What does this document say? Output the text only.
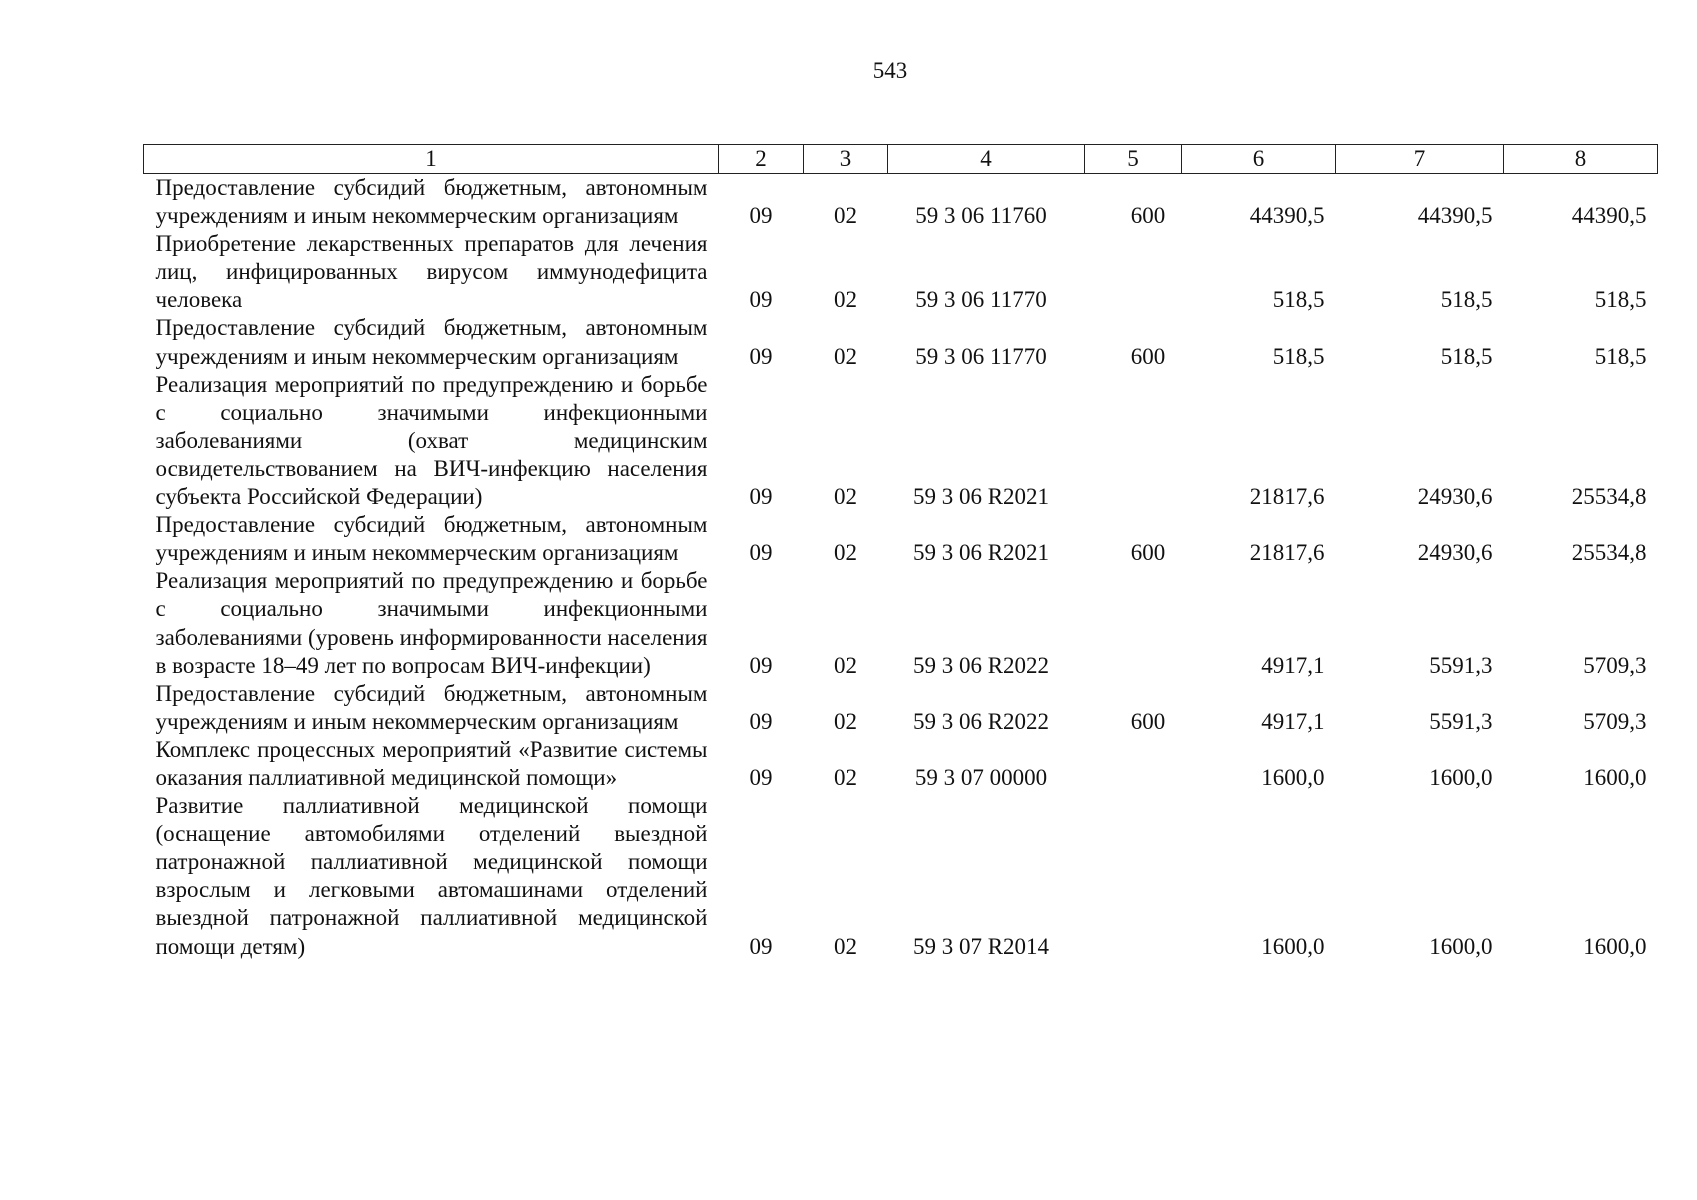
543
1	2	3	4	5	6	7	8
Предоставление субсидий бюджетным, автономным учреждениям и иным некоммерческим организациям	09	02	59 3 06 11760	600	44390,5	44390,5	44390,5
Приобретение лекарственных препаратов для лечения лиц, инфицированных вирусом иммунодефицита человека	09	02	59 3 06 11770		518,5	518,5	518,5
Предоставление субсидий бюджетным, автономным учреждениям и иным некоммерческим организациям	09	02	59 3 06 11770	600	518,5	518,5	518,5
Реализация мероприятий по предупреждению и борьбе с социально значимыми инфекционными заболеваниями (охват медицинским освидетельствованием на ВИЧ-инфекцию населения субъекта Российской Федерации)	09	02	59 3 06 R2021		21817,6	24930,6	25534,8
Предоставление субсидий бюджетным, автономным учреждениям и иным некоммерческим организациям	09	02	59 3 06 R2021	600	21817,6	24930,6	25534,8
Реализация мероприятий по предупреждению и борьбе с социально значимыми инфекционными заболеваниями (уровень информированности населения в возрасте 18–49 лет по вопросам ВИЧ-инфекции)	09	02	59 3 06 R2022		4917,1	5591,3	5709,3
Предоставление субсидий бюджетным, автономным учреждениям и иным некоммерческим организациям	09	02	59 3 06 R2022	600	4917,1	5591,3	5709,3
Комплекс процессных мероприятий «Развитие системы оказания паллиативной медицинской помощи»	09	02	59 3 07 00000		1600,0	1600,0	1600,0
Развитие паллиативной медицинской помощи (оснащение автомобилями отделений выездной патронажной паллиативной медицинской помощи взрослым и легковыми автомашинами отделений выездной патронажной паллиативной медицинской помощи детям)	09	02	59 3 07 R2014		1600,0	1600,0	1600,0
